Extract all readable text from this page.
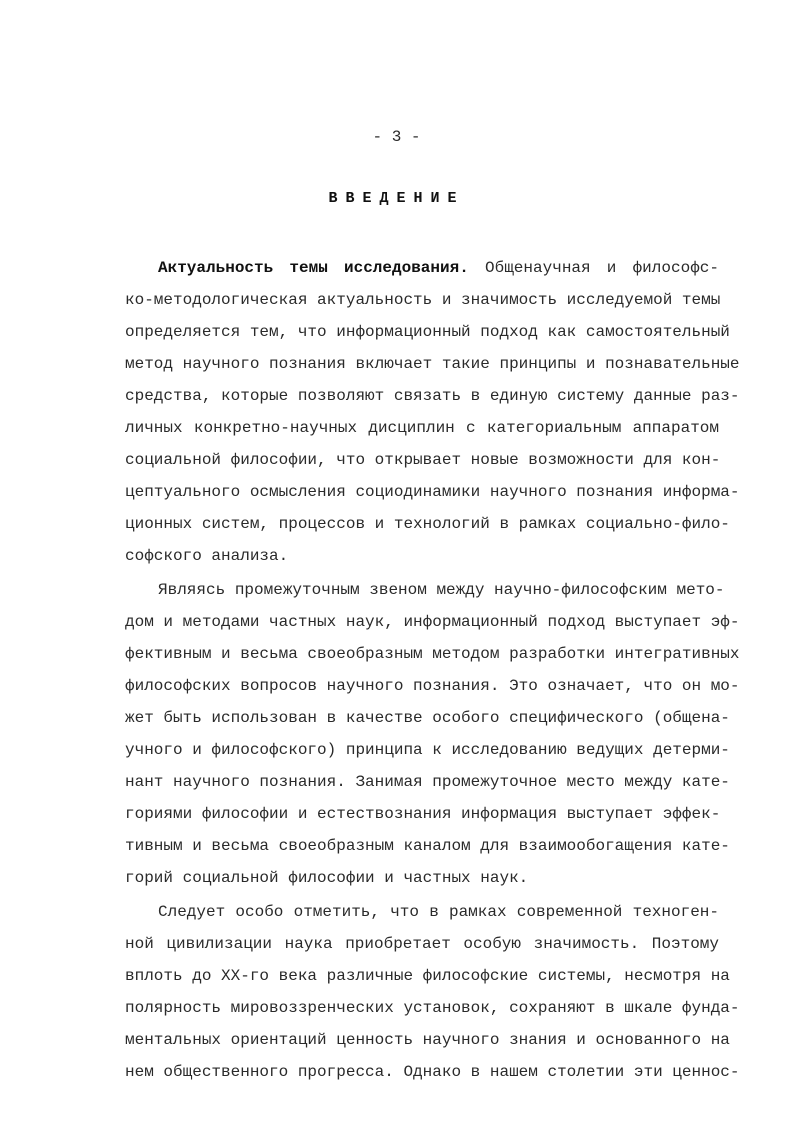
- 3 -
ВВЕДЕНИЕ
Актуальность темы исследования. Общенаучная и философс-
ко-методологическая актуальность и значимость исследуемой темы
определяется тем, что информационный подход как самостоятельный
метод научного познания включает такие принципы и познавательные
средства, которые позволяют связать в единую систему данные раз-
личных конкретно-научных дисциплин с категориальным аппаратом
социальной философии, что открывает новые возможности для кон-
цептуального осмысления социодинамики научного познания информа-
ционных систем, процессов и технологий в рамках социально-фило-
софского анализа.
Являясь промежуточным звеном между научно-философским мето-
дом и методами частных наук, информационный подход выступает эф-
фективным и весьма своеобразным методом разработки интегративных
философских вопросов научного познания. Это означает, что он мо-
жет быть использован в качестве особого специфического (общена-
учного и философского) принципа к исследованию ведущих детерми-
нант научного познания. Занимая промежуточное место между кате-
гориями философии и естествознания информация выступает эффек-
тивным и весьма своеобразным каналом для взаимообогащения кате-
горий социальной философии и частных наук.
Следует особо отметить, что в рамках современной техноген-
ной цивилизации наука приобретает особую значимость. Поэтому
вплоть до XX-го века различные философские системы, несмотря на
полярность мировоззренческих установок, сохраняют в шкале фунда-
ментальных ориентаций ценность научного знания и основанного на
нем общественного прогресса. Однако в нашем столетии эти ценнос-
